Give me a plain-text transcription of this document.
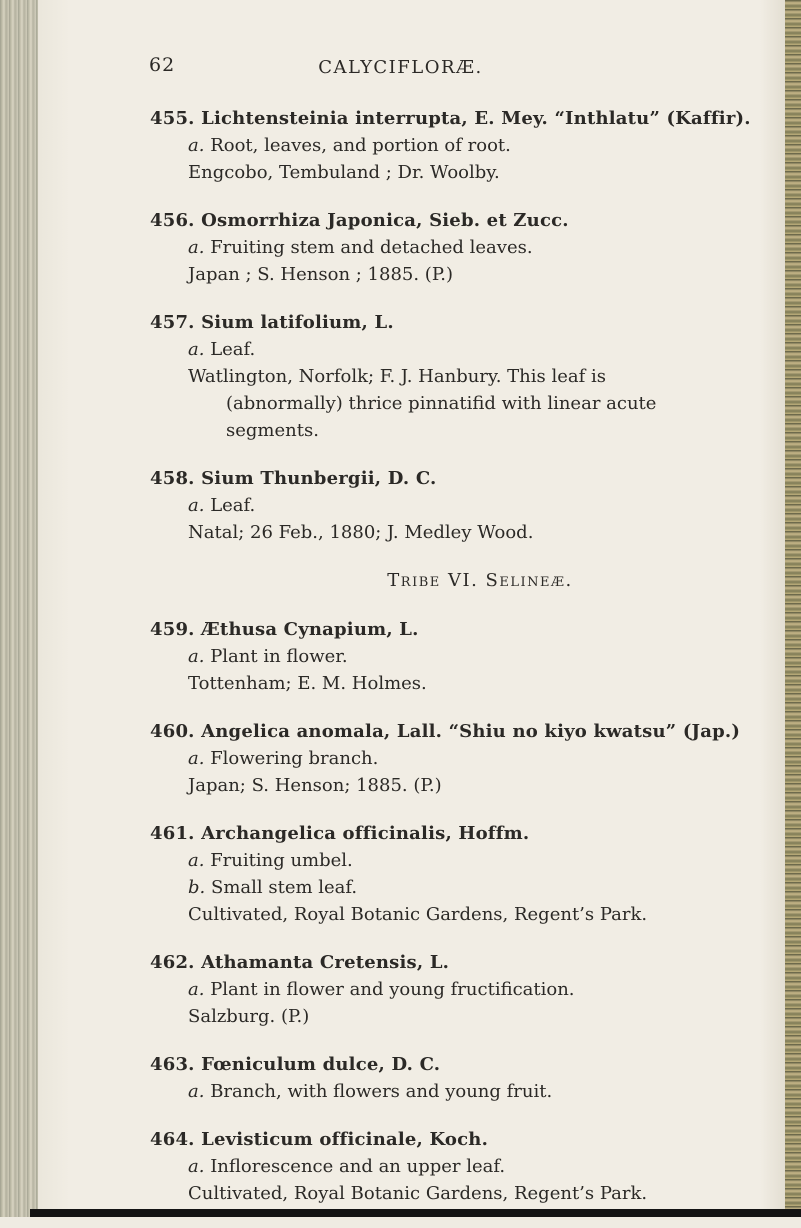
62	CALYCIFLORÆ.
455. Lichtensteinia interrupta, E. Mey. “Inthlatu” (Kaffir).
a. Root, leaves, and portion of root.
Engcobo, Tembuland ; Dr. Woolby.
456. Osmorrhiza Japonica, Sieb. et Zucc.
a. Fruiting stem and detached leaves.
Japan ; S. Henson ; 1885. (P.)
457. Sium latifolium, L.
a. Leaf.
Watlington, Norfolk; F. J. Hanbury. This leaf is
(abnormally) thrice pinnatifid with linear acute
segments.
458. Sium Thunbergii, D. C.
a. Leaf.
Natal; 26 Feb., 1880; J. Medley Wood.
Tribe VI. Selineæ.
459. Æthusa Cynapium, L.
a. Plant in flower.
Tottenham; E. M. Holmes.
460. Angelica anomala, Lall. “Shiu no kiyo kwatsu” (Jap.)
a. Flowering branch.
Japan; S. Henson; 1885. (P.)
461. Archangelica officinalis, Hoffm.
a. Fruiting umbel.
b. Small stem leaf.
Cultivated, Royal Botanic Gardens, Regent’s Park.
462. Athamanta Cretensis, L.
a. Plant in flower and young fructification.
Salzburg. (P.)
463. Fœniculum dulce, D. C.
a. Branch, with flowers and young fruit.
464. Levisticum officinale, Koch.
a. Inflorescence and an upper leaf.
Cultivated, Royal Botanic Gardens, Regent’s Park.
